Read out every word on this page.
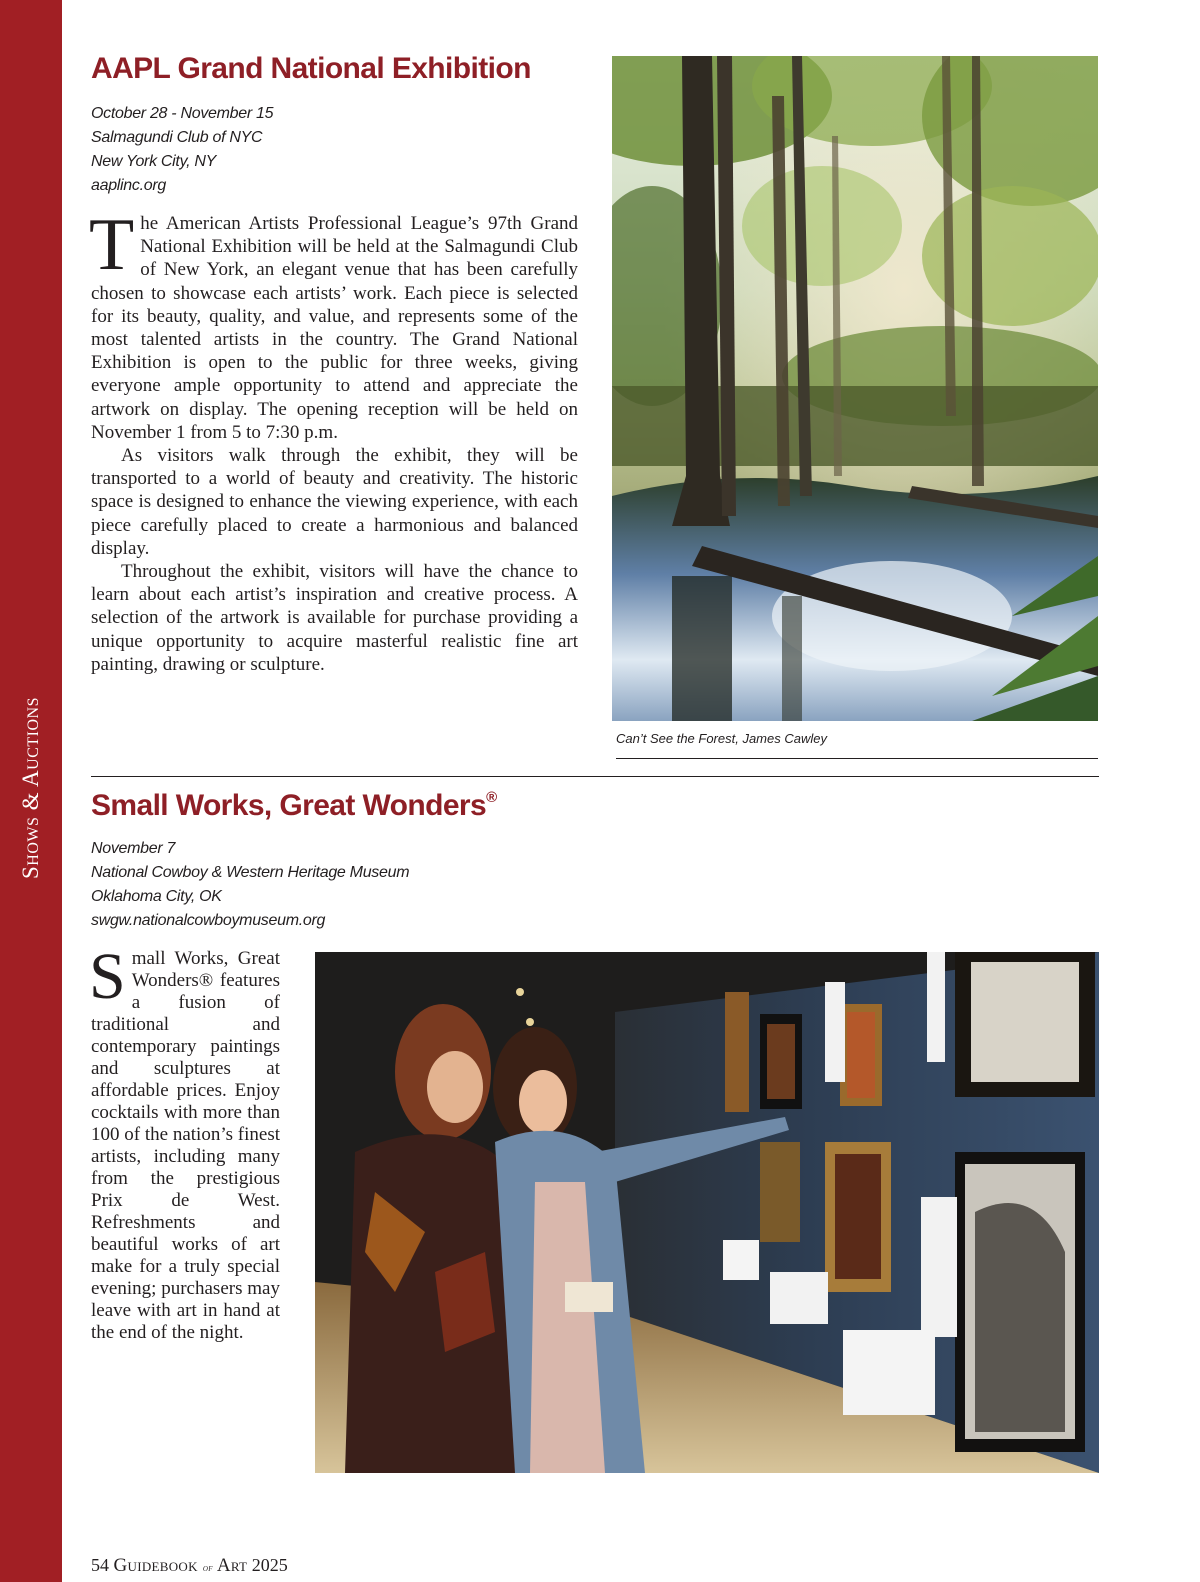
Shows & Auctions
AAPL Grand National Exhibition
October 28 - November 15
Salmagundi Club of NYC
New York City, NY
aaplinc.org

The American Artists Professional League’s 97th Grand National Exhibition will be held at the Salmagundi Club of New York, an elegant venue that has been carefully chosen to showcase each artists’ work. Each piece is selected for its beauty, quality, and value, and represents some of the most talented artists in the country. The Grand National Exhibition is open to the public for three weeks, giving everyone ample opportunity to attend and appreciate the artwork on display. The opening reception will be held on November 1 from 5 to 7:30 p.m.

As visitors walk through the exhibit, they will be transported to a world of beauty and creativity. The historic space is designed to enhance the viewing experience, with each piece carefully placed to create a harmonious and balanced display.

Throughout the exhibit, visitors will have the chance to learn about each artist’s inspiration and creative process. A selection of the artwork is available for purchase providing a unique opportunity to acquire masterful realistic fine art painting, drawing or sculpture.

Can’t See the Forest, James Cawley
Small Works, Great Wonders®
November 7
National Cowboy & Western Heritage Museum
Oklahoma City, OK
swgw.nationalcowboymuseum.org

Small Works, Great Wonders® features a fusion of traditional and contemporary paintings and sculptures at affordable prices. Enjoy cocktails with more than 100 of the nation’s finest artists, including many from the prestigious Prix de West. Refreshments and beautiful works of art make for a truly special evening; purchasers may leave with art in hand at the end of the night.

54 Guidebook of Art 2025
